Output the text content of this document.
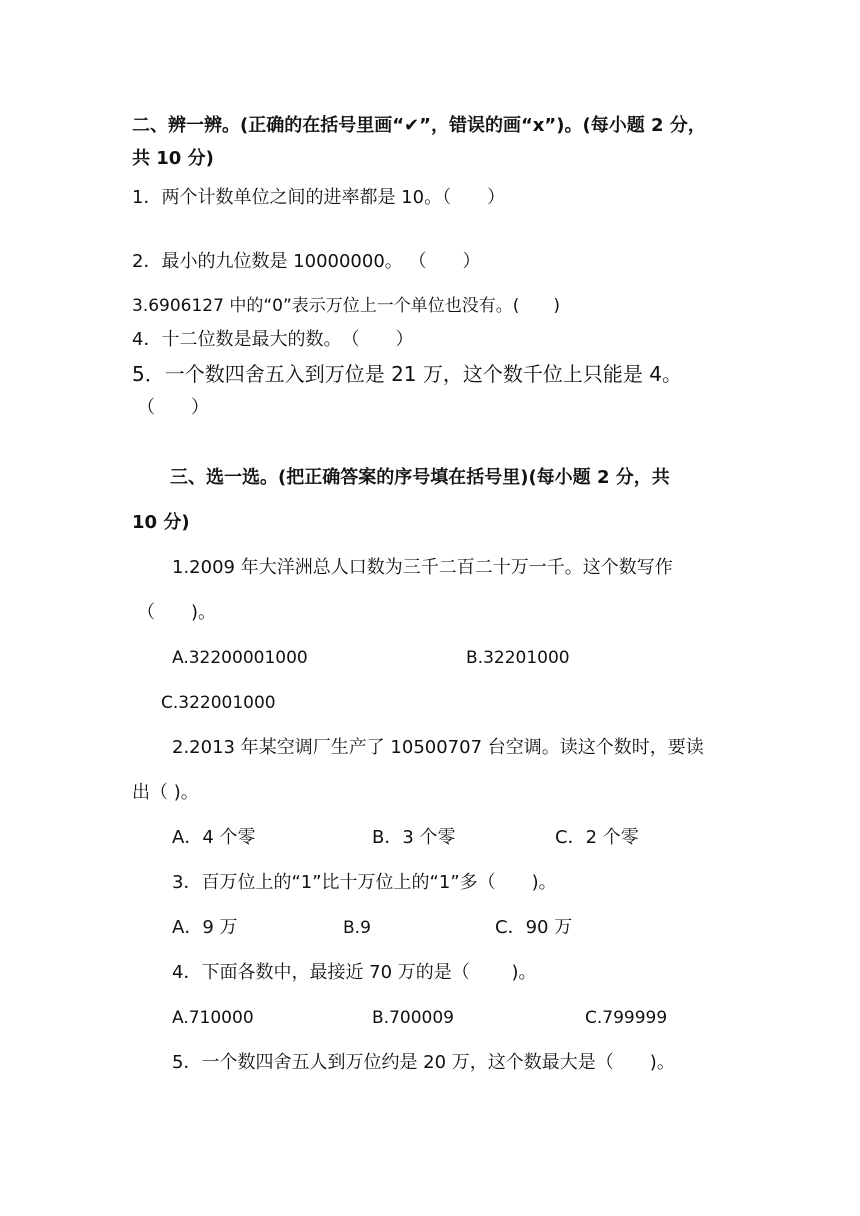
二、辨一辨。(正确的在括号里画“✔”，错误的画“x”)。(每小题 2 分，
共 10 分)
1．两个计数单位之间的进率都是 10。（　　）
2．最小的九位数是 10000000。 （　　）
3.6906127 中的“0”表示万位上一个单位也没有。(　　)
4．十二位数是最大的数。　（　　）
5．一个数四舍五入到万位是 21 万，这个数千位上只能是 4。
（　　）
三、选一选。(把正确答案的序号填在括号里)(每小题 2 分，共
10 分)
1.2009 年大洋洲总人口数为三千二百二十万一千。这个数写作
（　　)。
A.32200001000	B.32201000
C.322001000
2.2013 年某空调厂生产了 10500707 台空调。读这个数时，要读
出（ )。
A．4 个零	B．3 个零	C．2 个零
3．百万位上的“1”比十万位上的“1”多（　　)。
A．9 万	B.9	C．90 万
4．下面各数中，最接近 70 万的是（　　 )。
A.710000	B.700009	C.799999
5．一个数四舍五人到万位约是 20 万，这个数最大是（　　)。
